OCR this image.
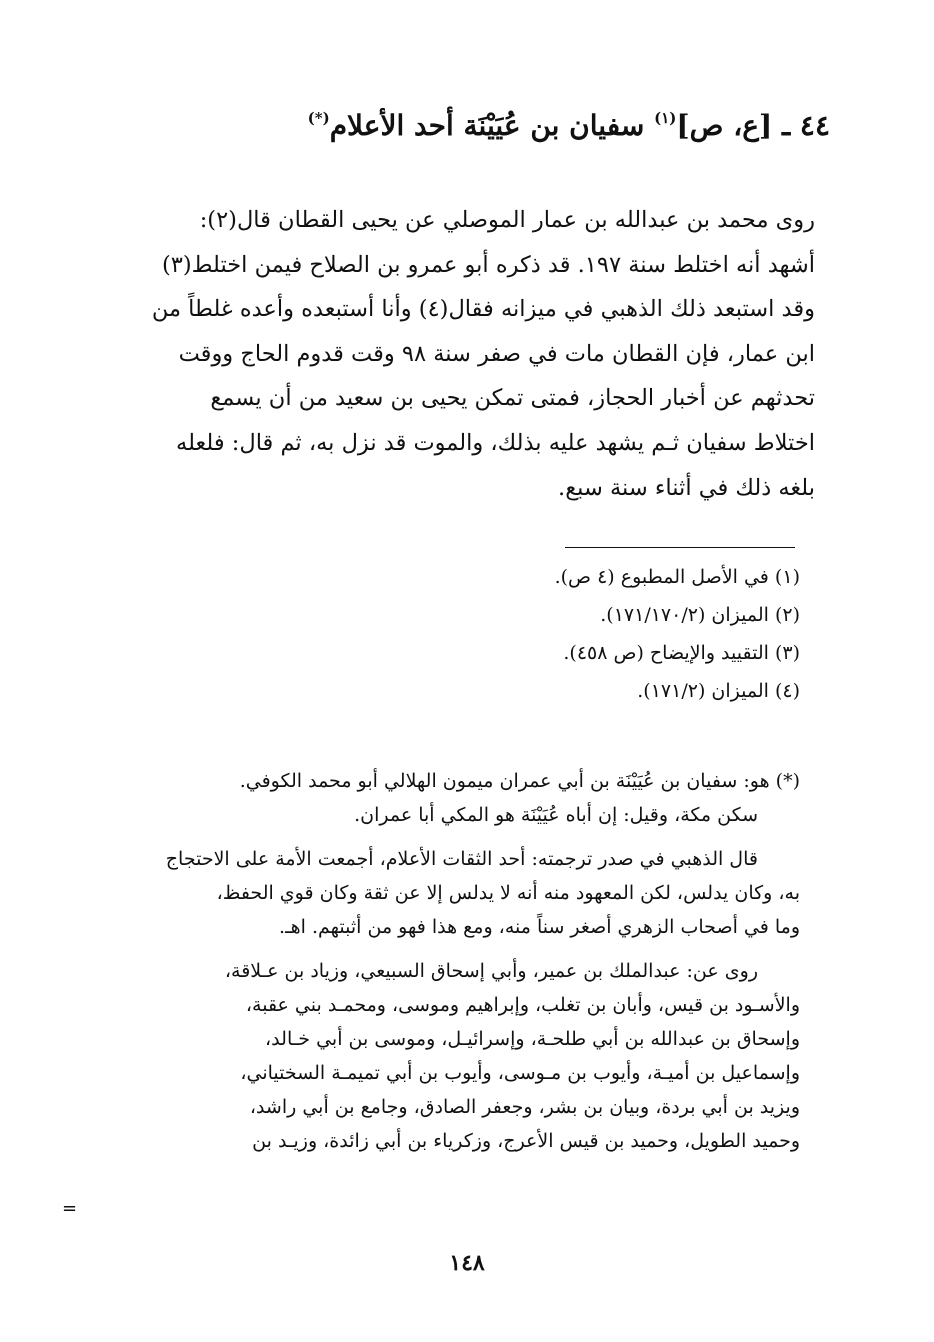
٤٤ ـ [ع، ص]$^{(١)}$ سفيان بن عُيَيْنَة أحد الأعلام(*)
روى محمد بن عبدالله بن عمار الموصلي عن يحيى القطان قال(٢):
أشهد أنه اختلط سنة ١٩٧. قد ذكره أبو عمرو بن الصلاح فيمن اختلط(٣)
وقد استبعد ذلك الذهبي في ميزانه فقال(٤) وأنا أستبعده وأعده غلطاً من
ابن عمار، فإن القطان مات في صفر سنة ٩٨ وقت قدوم الحاج ووقت
تحدثهم عن أخبار الحجاز، فمتى تمكن يحيى بن سعيد من أن يسمع
اختلاط سفيان ثـم يشهد عليه بذلك، والموت قد نزل به، ثم قال: فلعله
بلغه ذلك في أثناء سنة سبع.
(١) في الأصل المطبوع (٤ ص).
(٢) الميزان (١٧١/١٧٠/٢).
(٣) التقييد والإيضاح (ص ٤٥٨).
(٤) الميزان (١٧١/٢).
(*) هو: سفيان بن عُيَيْنَة بن أبي عمران ميمون الهلالي أبو محمد الكوفي.
سكن مكة، وقيل: إن أباه عُيَيْنَة هو المكي أبا عمران.
قال الذهبي في صدر ترجمته: أحد الثقات الأعلام، أجمعت الأمة على الاحتجاج
به، وكان يدلس، لكن المعهود منه أنه لا يدلس إلا عن ثقة وكان قوي الحفظ،
وما في أصحاب الزهري أصغر سناً منه، ومع هذا فهو من أثبتهم. اهـ.
روى عن: عبدالملك بن عمير، وأبي إسحاق السبيعي، وزياد بن عـلاقة،
والأسـود بن قيس، وأبان بن تغلب، وإبراهيم وموسى، ومحمـد بني عقبة،
وإسحاق بن عبدالله بن أبي طلحـة، وإسرائيـل، وموسى بن أبي خـالد،
وإسماعيل بن أميـة، وأيوب بن مـوسى، وأيوب بن أبي تميمـة السختياني،
ويزيد بن أبي بردة، وبيان بن بشر، وجعفر الصادق، وجامع بن أبي راشد،
وحميد الطويل، وحميد بن قيس الأعرج، وزكرياء بن أبي زائدة، وزيـد بن
=
١٤٨
